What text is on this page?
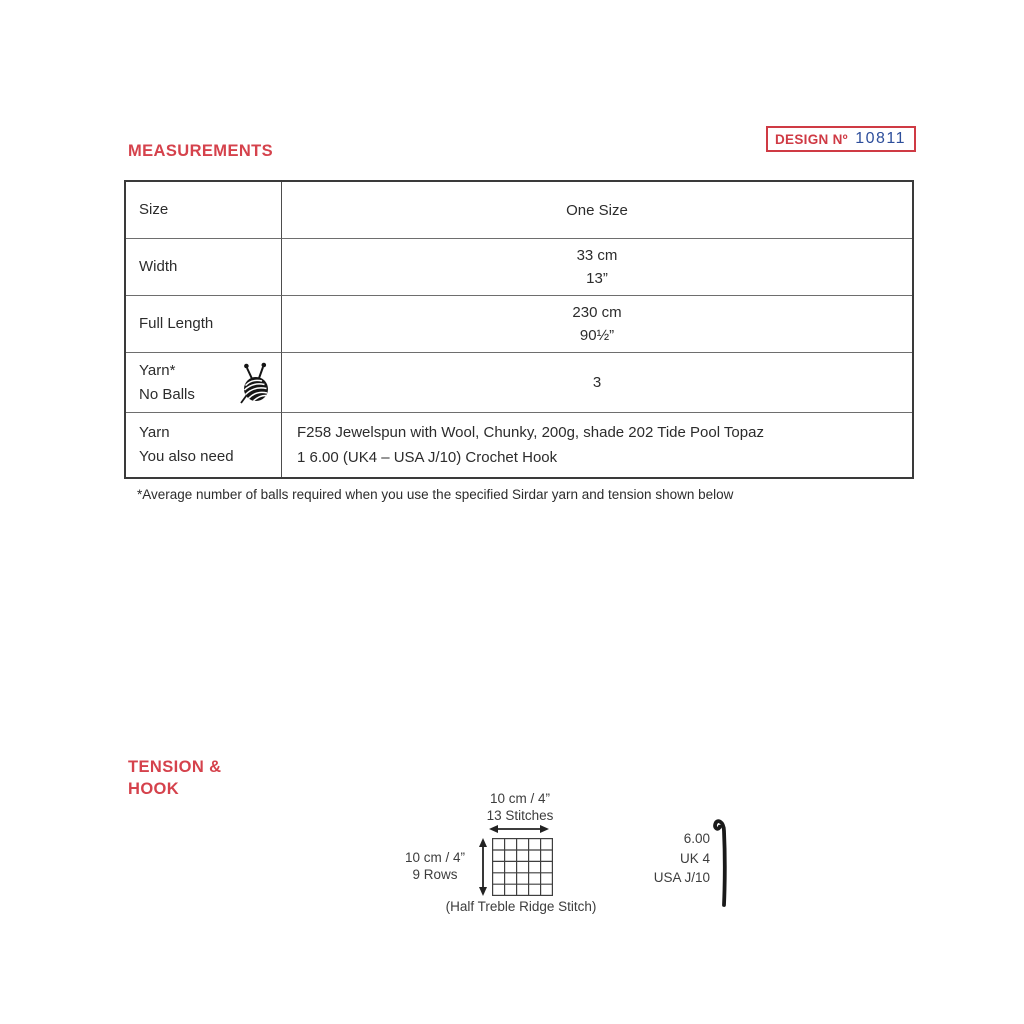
DESIGN Nº 10811
MEASUREMENTS
Size	One Size
Width
33 cm
13”
Full Length
230 cm
90½”
Yarn*
No Balls
3
Yarn
You also need
F258 Jewelspun with Wool, Chunky, 200g, shade 202 Tide Pool Topaz
1 6.00 (UK4 – USA J/10) Crochet Hook
*Average number of balls required when you use the specified Sirdar yarn and tension shown below
TENSION &
HOOK
10 cm / 4”
13 Stitches
10 cm / 4”
9 Rows
(Half Treble Ridge Stitch)
6.00
UK 4
USA J/10
